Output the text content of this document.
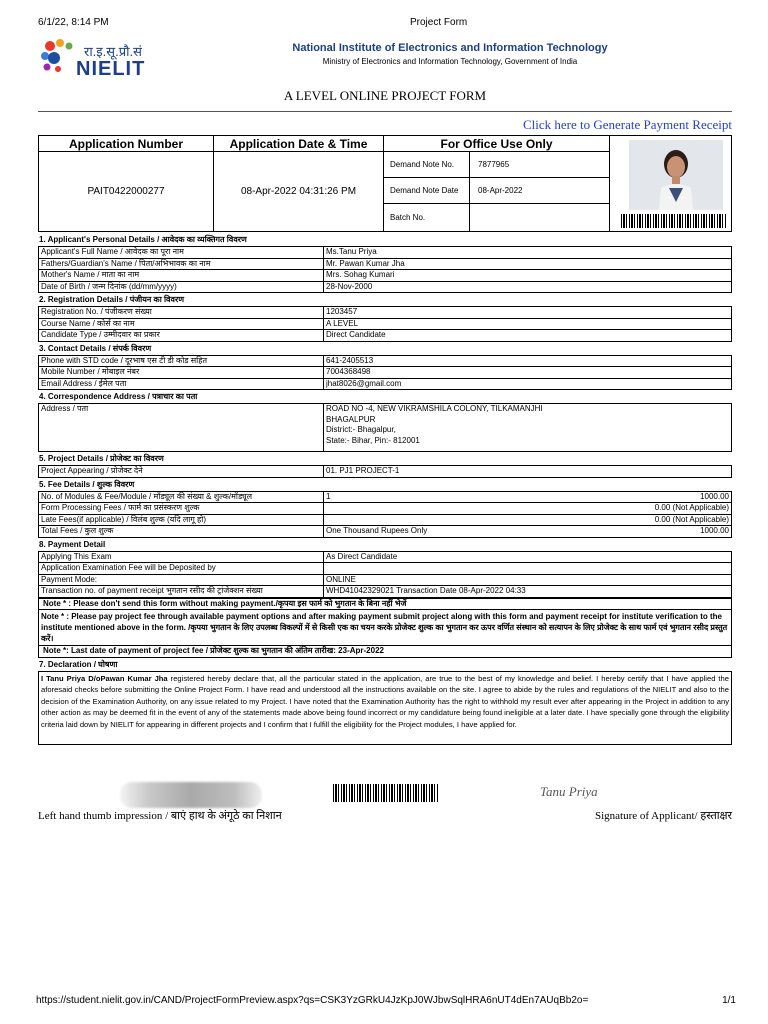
6/1/22, 8:14 PM	Project Form
रा.इ.सू.प्रौ.सं
NIELIT
National Institute of Electronics and Information Technology
Ministry of Electronics and Information Technology, Government of India
A LEVEL ONLINE PROJECT FORM
Click here to Generate Payment Receipt
Application Number	Application Date & Time	For Office Use Only
PAIT0422000277	08-Apr-2022 04:31:26 PM
Demand Note No.	7877965
Demand Note Date	08-Apr-2022
Batch No.
1. Applicant's Personal Details / आवेदक का व्यक्तिगत विवरण
Applicant's Full Name / आवेदक का पूरा नाम	Ms.Tanu Priya
Fathers/Guardian's Name / पिता/अभिभावक का नाम	Mr. Pawan Kumar Jha
Mother's Name / माता का नाम	Mrs. Sohag Kumari
Date of Birth / जन्म दिनांक (dd/mm/yyyy)	28-Nov-2000
2. Registration Details / पंजीयन का विवरण
Registration No. / पंजीकरण संख्या	1203457
Course Name / कोर्स का नाम	A LEVEL
Candidate Type / उम्मीदवार का प्रकार	Direct Candidate
3. Contact Details / संपर्क विवरण
Phone with STD code / दूरभाष एस टी डी कोड सहित	641-2405513
Mobile Number / मोबाइल नंबर	7004368498
Email Address / ईमेल पता	jhat8026@gmail.com
4. Correspondence Address / पत्राचार का पता
Address / पता	ROAD NO -4, NEW VIKRAMSHILA COLONY, TILKAMANJHI
BHAGALPUR
District:- Bhagalpur,
State:- Bihar, Pin:- 812001
5. Project Details / प्रोजेक्ट का विवरण
Project Appearing / प्रोजेक्ट देने	01. PJ1 PROJECT-1
5. Fee Details / शुल्क विवरण
No. of Modules & Fee/Module / मॉड्यूल की संख्या & शुल्क/मॉड्यूल	1	1000.00
Form Processing Fees / फार्म का प्रसंस्करण शुल्क		0.00 (Not Applicable)
Late Fees(if applicable) / विलंब शुल्क (यदि लागू हो)		0.00 (Not Applicable)
Total Fees / कुल शुल्क	One Thousand Rupees Only	1000.00
8. Payment Detail
Applying This Exam	As Direct Candidate
Application Examination Fee will be Deposited by	
Payment Mode:	ONLINE
Transaction no. of payment receipt भुगतान रसीद की ट्रांजेक्शन संख्या	WHD41042329021 Transaction Date 08-Apr-2022 04:33
Note * : Please don't send this form without making payment./कृपया इस फार्म को भुगतान के बिना नहीं भेजें
Note * : Please pay project fee through available payment options and after making payment submit project along with this form and payment receipt for institute verification to the institute mentioned above in the form. /कृपया भुगतान के लिए उपलब्ध विकल्पों में से किसी एक का चयन करके प्रोजेक्ट शुल्क का भुगतान कर ऊपर वर्णित संस्थान को सत्यापन के लिए प्रोजेक्ट के साथ फार्म एवं भुगतान रसीद प्रस्तुत करें।
Note *: Last date of payment of project fee / प्रोजेक्ट शुल्क का भुगतान की अंतिम तारीख: 23-Apr-2022
7. Declaration / घोषणा
I Tanu Priya D/oPawan Kumar Jha registered hereby declare that, all the particular stated in the application, are true to the best of my knowledge and belief. I hereby certify that I have applied the aforesaid checks before submitting the Online Project Form. I have read and understood all the instructions available on the site. I agree to abide by the rules and regulations of the NIELIT and also to the decision of the Examination Authority, on any issue related to my Project. I have noted that the Examination Authority has the right to withhold my result ever after appearing in the Project in addition to any other action as may be deemed fit in the event of any of the statements made above being found incorrect or my candidature being found ineligible at a later date. I have specially gone through the eligibility criteria laid down by NIELIT for appearing in different projects and I confirm that I fulfill the eligibility for the Project modules, I have applied for.
Tanu Priya
Left hand thumb impression / बाएं हाथ के अंगूठे का निशान	Signature of Applicant/ हस्ताक्षर
https://student.nielit.gov.in/CAND/ProjectFormPreview.aspx?qs=CSK3YzGRkU4JzKpJ0WJbwSqlHRA6nUT4dEn7AUqBb2o=	1/1
